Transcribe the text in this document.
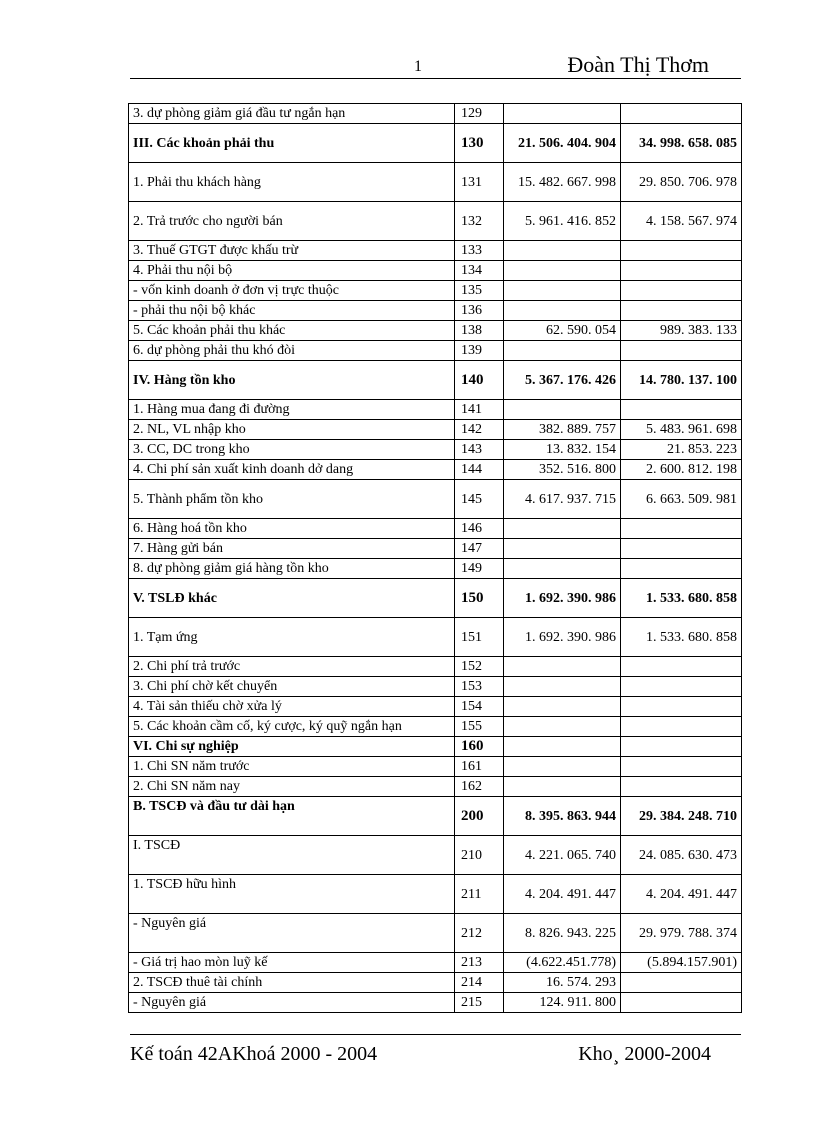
1	Đoàn Thị Thơm
3. dự phòng giảm giá đầu tư ngắn hạn	129		
III. Các khoản phải thu	130	21. 506. 404. 904	34. 998. 658. 085
1. Phải thu khách hàng	131	15. 482. 667. 998	29. 850. 706. 978
2. Trả trước cho người bán	132	5. 961. 416. 852	4. 158. 567. 974
3. Thuế GTGT được khấu trừ	133		
4. Phải thu nội bộ	134		
- vốn kinh doanh ở đơn vị trực thuộc	135		
- phải thu nội bộ khác	136		
5. Các khoản phải thu khác	138	62. 590. 054	989. 383. 133
6. dự phòng phải thu khó đòi	139		
IV. Hàng tồn kho	140	5. 367. 176. 426	14. 780. 137. 100
1. Hàng mua đang đi đường	141		
2. NL, VL nhập kho	142	382. 889. 757	5. 483. 961. 698
3. CC, DC trong kho	143	13. 832. 154	21. 853. 223
4. Chi phí sản xuất kinh doanh dở dang	144	352. 516. 800	2. 600. 812. 198
5. Thành phẩm tồn kho	145	4. 617. 937. 715	6. 663. 509. 981
6. Hàng hoá tồn kho	146		
7. Hàng gửi bán	147		
8. dự phòng giảm giá hàng tồn kho	149		
V. TSLĐ khác	150	1. 692. 390. 986	1. 533. 680. 858
1. Tạm ứng	151	1. 692. 390. 986	1. 533. 680. 858
2. Chi phí trả trước	152		
3. Chi phí chờ kết chuyển	153		
4. Tài sản thiếu chờ xửa lý	154		
5. Các khoản cầm cố, ký cược, ký quỹ ngắn hạn	155		
VI. Chi sự nghiệp	160		
1. Chi SN năm trước	161		
2. Chi SN năm nay	162		
B. TSCĐ và đầu tư dài hạn	200	8. 395. 863. 944	29. 384. 248. 710
I. TSCĐ	210	4. 221. 065. 740	24. 085. 630. 473
1. TSCĐ hữu hình	211	4. 204. 491. 447	4. 204. 491. 447
- Nguyên giá	212	8. 826. 943. 225	29. 979. 788. 374
- Giá trị hao mòn luỹ kế	213	(4.622.451.778)	(5.894.157.901)
2. TSCĐ thuê tài chính	214	16. 574. 293	
- Nguyên giá	215	124. 911. 800	
Kế toán 42AKhoá 2000 - 2004	Kho¸ 2000-2004
